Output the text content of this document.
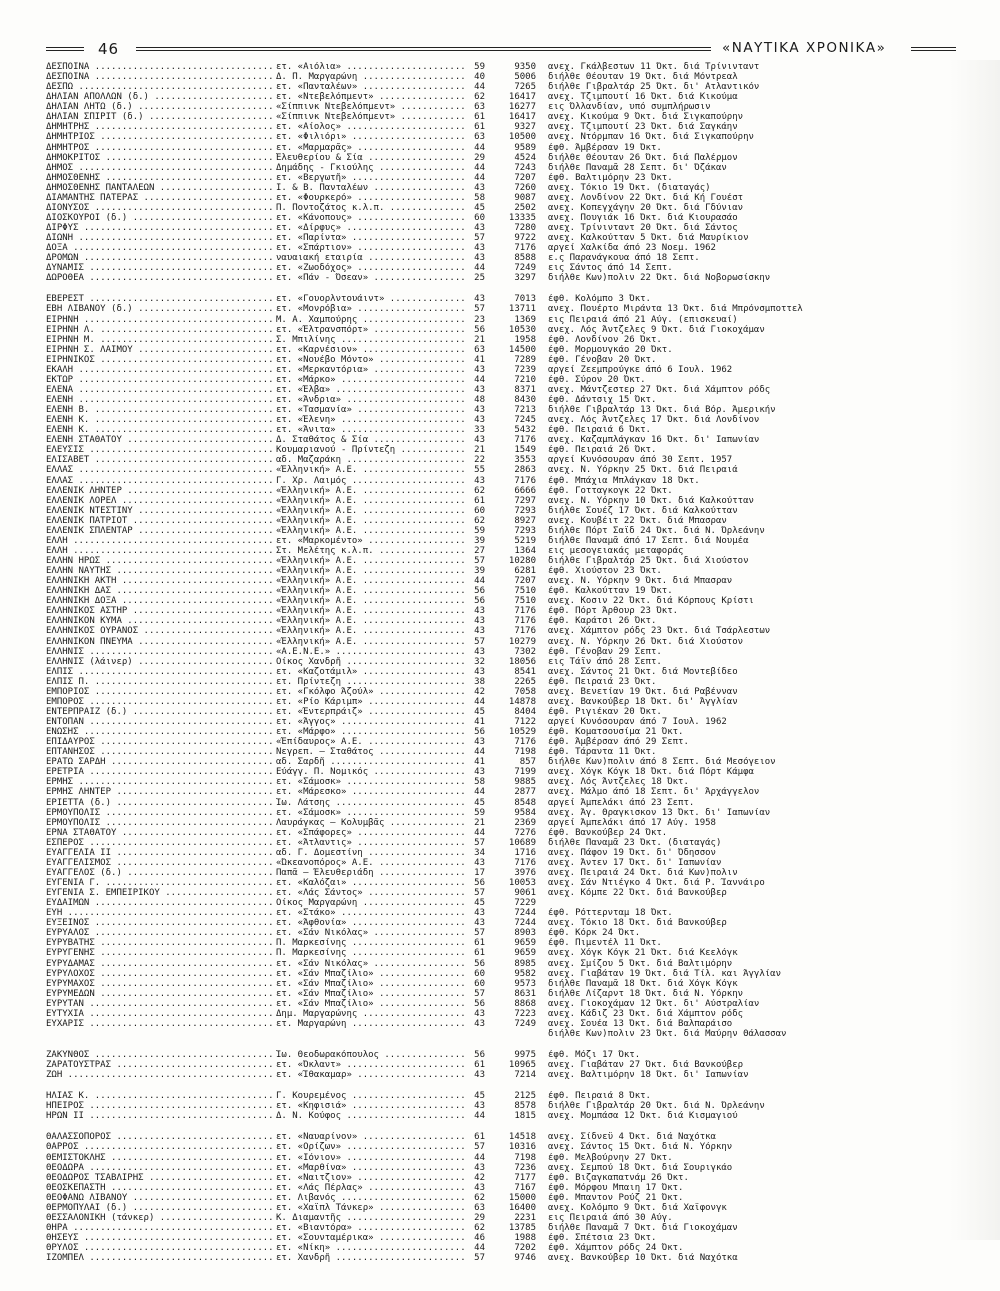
46	«ΝΑΥΤΙΚΑ ΧΡΟΝΙΚΑ»
ΔΕΣΠΟΙΝΑ .....	ετ. «Αιόλια» .....	59	9350 ανεχ. Γκάλβεστων 11 Όκτ. διά Τρίνινταντ
ΔΕΣΠΟΙΝΑ .....	Δ. Π. Μαργαρώνη .....	40	5006 διήλθε Θέουταν 19 Όκτ. διά Μόντρεαλ
ΔΕΣΠΩ .....	ετ. «Πανταλέων» .....	44	7265 διήλθε Γιβραλτάρ 25 Όκτ. δι' Ατλαντικόν
ΔΗΛΙΑΝ ΑΠΟΛΛΩΝ (δ.) .....	ετ. «Ντεβελόπμεντ» .....	62	16417 ανεχ. Τζιμπουτί 16 Όκτ. διά Κικούμα
ΔΗΛΙΑΝ ΛΗΤΩ (δ.) .....	«Σίππινκ Ντεβελόπμεντ» .....	63	16277 εις Όλλανδίαν, υπό συμπλήρωσιν
ΔΗΛΙΑΝ ΣΠΙΡΙΤ (δ.) .....	«Σίππινκ Ντεβελόπμεντ» .....	61	16417 ανεχ. Κικούμα 9 Όκτ. διά Σιγκαπούρην
ΔΗΜΗΤΡΗΣ .....	ετ. «Αίολος» .....	61	9327 ανεχ. Τζιμπουτί 23 Όκτ. διά Σαγκάην
ΔΗΜΗΤΡΙΟΣ .....	ετ. «Φιλιόρι» .....	63	10500 ανεχ. Ντόρμπαν 16 Όκτ. διά Σιγκαπούρην
ΔΗΜΗΤΡΟΣ .....	ετ. «Μαρμαρᾶς» .....	44	9589 έφθ. Άμβέρσαν 19 Όκτ.
ΔΗΜΟΚΡΙΤΟΣ .....	Έλευθερίου & Σία .....	29	4524 διήλθε Θέουταν 26 Όκτ. διά Παλέρμον
ΔΗΜΟΣ .....	Δημάδης - Γκιούλης .....	44	7243 διήλθε Παναμᾶ 28 Σεπτ. δι' Όζάκαν
ΔΗΜΟΣΘΕΝΗΣ .....	ετ. «Βεργωτῆ» .....	44	7207 έφθ. Βαλτιμόρην 23 Όκτ.
ΔΗΜΟΣΘΕΝΗΣ ΠΑΝΤΑΛΕΩΝ .....	Ι. & Β. Πανταλέων .....	43	7260 ανεχ. Τόκιο 19 Όκτ. (διαταγάς)
ΔΙΑΜΑΝΤΗΣ ΠΑΤΕΡΑΣ .....	ετ. «Φουρκερό» .....	58	9087 ανεχ. Λονδίνον 22 Όκτ. διά Κή Γουέστ
ΔΙΟΝΥΣΟΣ .....	Π. Ποντοζάτος κ.λ.π. .....	45	2502 ανεχ. Κοπεγχάγην 20 Όκτ. διά Γδύνιαν
ΔΙΟΣΚΟΥΡΟΙ (δ.) .....	ετ. «Κάνοπους» .....	60	13335 ανεχ. Πουγιάκ 16 Όκτ. διά Κιουρασάο
ΔΙΡΦΥΣ .....	ετ. «Δίρφυς» .....	43	7280 ανεχ. Τρίνινταντ 20 Όκτ. διά Σάντος
ΔΙΩΝΗ .....	ετ. «Παρίντα» .....	57	9722 ανεχ. Καλκούτταν 5 Όκτ. διά Μαυρίκιον
ΔΟΞΑ .....	ετ. «Σπάρτιον» .....	43	7176 αργεί Χαλκίδα άπό 23 Νοεμ. 1962
ΔΡΟΜΩΝ .....	ναυαιακή εταιρία .....	43	8588 ε.ς Παρανάγκουα άπό 18 Σεπτ.
ΔΥΝΑΜΙΣ .....	ετ. «Ζωοδόχος» .....	44	7249 εις Σάντος άπό 14 Σεπτ.
ΔΩΡΟΘΕΑ .....	ετ. «Πάν - Όσεαν» .....	25	3297 διήλθε Κων)πολιν 22 Όκτ. διά Νοβορωσίσκην
ΕΒΕΡΕΣΤ .....	ετ. «Γουορλντουάιντ» .....	43	7013 έφθ. Κολόμπο 3 Όκτ.
ΕΒΗ ΛΙΒΑΝΟΥ (δ.) .....	ετ. «Μονρόβια» .....	57	13711 ανεχ. Πουέρτο Μιράντα 13 Όκτ. διά Μπρόνσμποττελ
ΕΙΡΗΝΗ .....	Μ. Α. Χαμπούρης .....	23	1369 εις Πειραιά άπό 21 Αύγ. (επισκευαί)
ΕΙΡΗΝΗ Λ. .....	ετ. «Έλτρανσπόρτ» .....	56	10530 ανεχ. Λός Άντζελες 9 Όκτ. διά Γιοκοχάμαν
ΕΙΡΗΝΗ Μ. .....	Σ. Μπιλίνης .....	21	1958 έφθ. Λονδίνον 26 Όκτ.
ΕΙΡΗΝΗ Σ. ΛΑΙΜΟΥ .....	ετ. «Καρνέσιον» .....	63	14500 έφθ. Μορμουγκάο 20 Όκτ.
ΕΙΡΗΝΙΚΟΣ .....	ετ. «Νουέβο Μόντο» .....	41	7289 έφθ. Γένοβαν 20 Όκτ.
ΕΚΑΛΗ .....	ετ. «Μερκαντόρια» .....	43	7239 αργεί Ζεεμπρούγκε άπό 6 Ιουλ. 1962
ΕΚΤΩΡ .....	ετ. «Μάρκο» .....	44	7210 έφθ. Σύρον 20 Όκτ.
ΕΛΕΝΑ .....	ετ. «Έλβα» .....	43	8371 ανεχ. Μάντζεστερ 27 Όκτ. διά Χάμπτον ρόδς
ΕΛΕΝΗ .....	ετ. «Άνδρια» .....	48	8430 έφθ. Δάντσιχ 15 Όκτ.
ΕΛΕΝΗ Β. .....	ετ. «Τασμανία» .....	43	7213 διήλθε Γιβραλτάρ 13 Όκτ. διά Βόρ. Άμερικήν
ΕΛΕΝΗ Κ. .....	ετ. «Έλενη» .....	43	7245 ανεχ. Λός Άντζελες 17 Όκτ. διά Λονδίνον
ΕΛΕΝΗ Κ. .....	ετ. «Άνιτα» .....	33	5432 έφθ. Πειραιά 6 Όκτ.
ΕΛΕΝΗ ΣΤΑΘΑΤΟΥ .....	Δ. Σταθάτος & Σία .....	43	7176 ανεχ. Καζαμπλάγκαν 16 Όκτ. δι' Ιαπωνίαν
ΕΛΕΥΣΙΣ .....	Κουμαριανού - Πρίντεζη .....	21	1549 έφθ. Πειραιά 26 Όκτ.
ΕΛΙΣΑΒΕΤ .....	αδ. Μαζαράκη .....	22	3553 αργεί Κυνόσουραν άπό 30 Σεπτ. 1957
ΕΛΛΑΣ .....	«Έλληνική» Α.Ε. .....	55	2863 ανεχ. Ν. Υόρκην 25 Όκτ. διά Πειραιά
ΕΛΛΑΣ .....	Γ. Χρ. Λαιμός .....	43	7176 έφθ. Μπάχια Μπλάγκαν 18 Όκτ.
ΕΛΛΕΝΙΚ ΛΗΝΤΕΡ .....	«Έλληνική» Α.Ε. .....	62	6666 έφθ. Γοτταγκογκ 22 Όκτ.
ΕΛΛΕΝΙΚ ΛΟΡΕΛ .....	«Έλληνική» Α.Ε. .....	61	7297 ανεχ. Ν. Υόρκην 10 Όκτ. διά Καλκούτταν
ΕΛΛΕΝΙΚ ΝΤΕΣΤΙΝΥ .....	«Έλληνική» Α.Ε. .....	60	7293 διήλθε Σουέζ 17 Όκτ. διά Καλκούτταν
ΕΛΛΕΝΙΚ ΠΑΤΡΙΟΤ .....	«Έλληνική» Α.Ε. .....	62	8927 ανεχ. Κουβέιτ 22 Όκτ. διά Μπασραν
ΕΛΛΕΝΙΚ ΣΠΛΕΝΤΑΡ .....	«Έλληνική» Α.Ε. .....	59	7293 διήλθε Πόρτ Σαΐδ 24 Όκτ. διά Ν. Όρλεάνην
ΕΛΛΗ .....	ετ. «Μαρκομέντο» .....	39	5219 διήλθε Παναμᾶ άπό 17 Σεπτ. διά Νουμέα
ΕΛΛΗ .....	Στ. Μελέτης κ.λ.π. .....	27	1364 εις μεσογειακάς μεταφοράς
ΕΛΛΗΝ ΗΡΩΣ .....	«Έλληνική» Α.Ε. .....	57	10280 διήλθε Γιβραλτάρ 25 Όκτ. διά Χιούστον
ΕΛΛΗΝ ΝΑΥΤΗΣ .....	«Έλληνική» Α.Ε. .....	39	6281 έφθ. Χιούστον 23 Όκτ.
ΕΛΛΗΝΙΚΗ ΑΚΤΗ .....	«Έλληνική» Α.Ε. .....	44	7207 ανεχ. Ν. Υόρκην 9 Όκτ. διά Μπασραν
ΕΛΛΗΝΙΚΗ ΔΑΣ .....	«Έλληνική» Α.Ε. .....	56	7510 έφθ. Καλκούτταν 19 Όκτ.
ΕΛΛΗΝΙΚΗ ΔΟΞΑ .....	«Έλληνική» Α.Ε. .....	56	7510 ανεχ. Κοσιν 22 Όκτ. διά Κόρπους Κρίστι
ΕΛΛΗΝΙΚΟΣ ΑΣΤΗΡ .....	«Έλληνική» Α.Ε. .....	43	7176 έφθ. Πόρτ Άρθουρ 23 Όκτ.
ΕΛΛΗΝΙΚΟΝ ΚΥΜΑ .....	«Έλληνική» Α.Ε. .....	43	7176 έφθ. Καράτσι 26 Όκτ.
ΕΛΛΗΝΙΚΟΣ ΟΥΡΑΝΟΣ .....	«Έλληνική» Α.Ε. .....	43	7176 ανεχ. Χάμπτον ρόδς 23 Όκτ. διά Τσάρλεστων
ΕΛΛΗΝΙΚΟΝ ΠΝΕΥΜΑ .....	«Έλληνική» Α.Ε. .....	57	10279 ανεχ. Ν. Υόρκην 26 Όκτ. διά Χιούστον
ΕΛΛΗΝΙΣ .....	«Α.Ε.Ν.Ε.» .....	43	7302 έφθ. Γένοβαν 29 Σεπτ.
ΕΛΛΗΝΙΣ (λάινερ) .....	Οίκος Χανδρῆ .....	32	18056 εις Τάϊν άπό 28 Σεπτ.
ΕΛΠΙΣ .....	ετ. «Καζοτάμιλ» .....	43	8541 ανεχ. Σάντος 21 Όκτ. διά Μοντεβίδεο
ΕΛΠΙΣ Π. .....	ετ. Πρίντεζη .....	38	2265 έφθ. Πειραιά 23 Όκτ.
ΕΜΠΟΡΙΟΣ .....	ετ. «Γκόλφο Άζούλ» .....	42	7058 ανεχ. Βενετίαν 19 Όκτ. διά Ραβένναν
ΕΜΠΟΡΟΣ .....	ετ. «Ρίο Κάριμπ» .....	44	14878 ανεχ. Βανκούβερ 18 Όκτ. δι' Άγγλίαν
ΕΝΤΕΡΠΡΑΙΖ (δ.) .....	ετ. «Έντερπράιζ» .....	45	8404 έφθ. Ριγιέκαν 20 Όκτ.
ΕΝΤΟΠΑΝ .....	ετ. «Άγγος» .....	41	7122 αργεί Κυνόσουραν άπό 7 Ιουλ. 1962
ΕΝΩΣΗΣ .....	ετ. «Μάρφο» .....	56	10529 έφθ. Κοματσουσίμα 21 Όκτ.
ΕΠΙΔΑΥΡΟΣ .....	«Έπίδαυρος» Α.Ε. .....	43	7176 έφθ. Άμβέρσαν άπό 29 Σεπτ.
ΕΠΤΑΝΗΣΟΣ .....	Νεγρεπ. — Σταθάτος .....	44	7198 έφθ. Τάραντα 11 Όκτ.
ΕΡΑΤΩ ΣΑΡΔΗ .....	αδ. Σαρδῆ .....	41	857 διήλθε Κων)πολιν άπό 8 Σεπτ. διά Μεσόγειον
ΕΡΕΤΡΙΑ .....	Εύάγγ. Π. Νομικός .....	43	7199 ανεχ. Χόγκ Κόγκ 18 Όκτ. διά Πόρτ Κάμφα
ΕΡΜΗΣ .....	ετ. «Σάμοσκ» .....	58	9885 ανεχ. Λός Άντζελες 18 Όκτ.
ΕΡΜΗΣ ΛΗΝΤΕΡ .....	ετ. «Μάρεσκο» .....	44	2877 ανεχ. Μάλμο άπό 18 Σεπτ. δι' Άρχάγγελον
ΕΡΙΕΤΤΑ (δ.) .....	Ίω. Λάτσης .....	45	8548 αργεί Άμπελάκι άπό 23 Σεπτ.
ΕΡΜΟΥΠΟΛΙΣ .....	ετ. «Σάμοσκ» .....	59	9584 ανεχ. Άγ. Θραγκισκον 13 Όκτ. δι' Ιαπωνίαν
ΕΡΜΟΥΠΟΛΙΣ .....	Λαυράγκας — Κολυμβᾶς .....	21	2369 αργεί Άμπελάκι άπό 17 Αύγ. 1958
ΕΡΝΑ ΣΤΑΘΑΤΟΥ .....	ετ. «Σπάφορες» .....	44	7276 έφθ. Βανκούβερ 24 Όκτ.
ΕΣΠΕΡΟΣ .....	ετ. «Άτλαντις» .....	57	10689 διήλθε Παναμᾶ 23 Όκτ. (διαταγάς)
ΕΥΑΓΓΕΛΙΑ ΙΙ .....	αδ. Γ. Δομεστίνη .....	34	1716 ανεχ. Πάφον 19 Όκτ. δι' Όδησσον
ΕΥΑΓΓΕΛΙΣΜΟΣ .....	«Ώκεανοπόρος» Α.Ε. .....	43	7176 ανεχ. Άντεν 17 Όκτ. δι' Ιαπωνίαν
ΕΥΑΓΓΕΛΟΣ (δ.) .....	Παπᾶ — Έλευθεριάδη .....	17	3976 ανεχ. Πειραιά 24 Όκτ. διά Κων)πολιν
ΕΥΓΕΝΙΑ Γ. .....	ετ. «Καλόζαι» .....	56	10053 ανεχ. Σάν Ντιέγκο 4 Όκτ. διά Ρ. Ίαννάιρο
ΕΥΓΕΝΙΑ Σ. ΕΜΠΕΙΡΙΚΟΥ .....	ετ. «Λάς Σάντος» .....	57	9061 ανεχ. Κόμπε 22 Όκτ. διά Βανκούβερ
ΕΥΔΑΙΜΩΝ .....	Οίκος Μαργαρώνη .....	45	7229
ΕΥΗ .....	ετ. «Στάκο» .....	43	7244 έφθ. Ρόττερνταμ 18 Όκτ.
ΕΥΞΕΙΝΟΣ .....	ετ. «Άφθονία» .....	43	7244 ανεχ. Τόκιο 18 Όκτ. διά Βανκούβερ
ΕΥΡΥΑΛΟΣ .....	ετ. «Σάν Νικόλας» .....	57	8903 έφθ. Κόρκ 24 Όκτ.
ΕΥΡΥΒΑΤΗΣ .....	Π. Μαρκεσίνης .....	61	9659 έφθ. Πιμεντέλ 11 Όκτ.
ΕΥΡΥΓΕΝΗΣ .....	Π. Μαρκεσίνης .....	61	9659 ανεχ. Χόγκ Κόγκ 21 Όκτ. διά Κεελόγκ
ΕΥΡΥΔΑΜΑΣ .....	ετ. «Σάν Νικόλας» .....	56	8985 ανεχ. Σμίζου 5 Όκτ. διά Βαλτιμόρην
ΕΥΡΥΛΟΧΟΣ .....	ετ. «Σάν Μπαζίλιο» .....	60	9582 ανεχ. Γιαβάταν 19 Όκτ. διά Τίλ. και Άγγλίαν
ΕΥΡΥΜΑΧΟΣ .....	ετ. «Σάν Μπαζίλιο» .....	60	9573 διήλθε Παναμᾶ 18 Όκτ. διά Χόγκ Κόγκ
ΕΥΡΥΜΕΔΩΝ .....	ετ. «Σάν Μπαζίλιο» .....	57	8631 διήλθε Λίζαρντ 18 Όκτ. διά Ν. Υόρκην
ΕΥΡΥΤΑΝ .....	ετ. «Σάν Μπαζίλιο» .....	56	8868 ανεχ. Γιοκοχάμαν 12 Όκτ. δι' Αύστραλίαν
ΕΥΤΥΧΙΑ .....	Δημ. Μαργαρώνης .....	43	7223 ανεχ. Κάδιζ 23 Όκτ. διά Χάμπτον ρόδς
ΕΥΧΑΡΙΣ .....	ετ. Μαργαρώνη .....	43	7249 ανεχ. Σουέα 13 Όκτ. διά Βαλπαράισο
διήλθε Κων)πολιν 23 Όκτ. διά Μαύρην Θάλασσαν
ΖΑΚΥΝΘΟΣ .....	Ίω. Θεοδωρακόπουλος .....	56	9975 έφθ. Μόζι 17 Όκτ.
ΖΑΡΑΤΟΥΣΤΡΑΣ .....	ετ. «Όκλαντ» .....	61	10965 ανεχ. Γιαβάταν 27 Όκτ. διά Βανκούβερ
ΖΩΗ .....	ετ. «Ίθακαμαρ» .....	43	7214 ανεχ. Βαλτιμόρην 18 Όκτ. δι' Ιαπωνίαν
ΗΛΙΑΣ Κ. .....	Γ. Κουρεμένος .....	45	2125 έφθ. Πειραιά 8 Όκτ.
ΗΠΕΙΡΟΣ .....	ετ. «Κηφισιά» .....	43	8578 διήλθε Γιβραλτάρ 20 Όκτ. διά Ν. Όρλεάνην
ΗΡΩΝ ΙΙ .....	Δ. Ν. Κούφος .....	44	1815 ανεχ. Μομπάσα 12 Όκτ. διά Κισμαγιού
ΘΑΛΑΣΣΟΠΟΡΟΣ .....	ετ. «Ναυαρίνον» .....	61	14518 ανεχ. Σίδνεϋ 4 Όκτ. διά Ναχότκα
ΘΑΡΡΟΣ .....	ετ. «Ορίζων» .....	57	10316 ανεχ. Σάντος 15 Όκτ. διά Ν. Υόρκην
ΘΕΜΙΣΤΟΚΛΗΣ .....	ετ. «Ιόνιον» .....	44	7198 έφθ. Μελβούρνην 27 Όκτ.
ΘΕΟΔΩΡΑ .....	ετ. «Μαρθίνα» .....	43	7236 ανεχ. Σεμπού 18 Όκτ. διά Σουριγκάο
ΘΕΟΔΩΡΟΣ ΤΣΑΒΛΙΡΗΣ .....	ετ. «Ναιτζιον» .....	42	7177 έφθ. Βιζαγκαπατνάμ 26 Όκτ.
ΘΕΟΣΚΕΠΑΣΤΗ .....	ετ. «Λάς Πέρλας» .....	43	7167 έφθ. Μόρφου Μπαιη 17 Όκτ.
ΘΕΟΦΑΝΩ ΛΙΒΑΝΟΥ .....	ετ. Λιβανός .....	62	15000 έφθ. Μπαντον Ρούζ 21 Όκτ.
ΘΕΡΜΟΠΥΛΑΙ (δ.) .....	ετ. «Χαϊπλ Τάνκερ» .....	63	16400 ανεχ. Κολόμπο 9 Όκτ. διά Χαϊφονγκ
ΘΕΣΣΑΛΟΝΙΚΗ (τάνκερ) .....	Κ. Διαμαντῆς .....	29	2231 εις Πειραιά άπό 30 Αύγ.
ΘΗΡΑ .....	ετ. «Βιαντόρα» .....	62	13785 διήλθε Παναμᾶ 7 Όκτ. διά Γιοκοχάμαν
ΘΗΣΕΥΣ .....	ετ. «Σουνταμέρικα» .....	46	1988 έφθ. Σπέτσια 23 Όκτ.
ΘΡΥΛΟΣ .....	ετ. «Νίκη» .....	44	7202 έφθ. Χάμπτον ρόδς 24 Όκτ.
ΙΖΟΜΠΕΛ .....	ετ. Χανδρῆ .....	57	9746 ανεχ. Βανκούβερ 10 Όκτ. διά Ναχότκα
